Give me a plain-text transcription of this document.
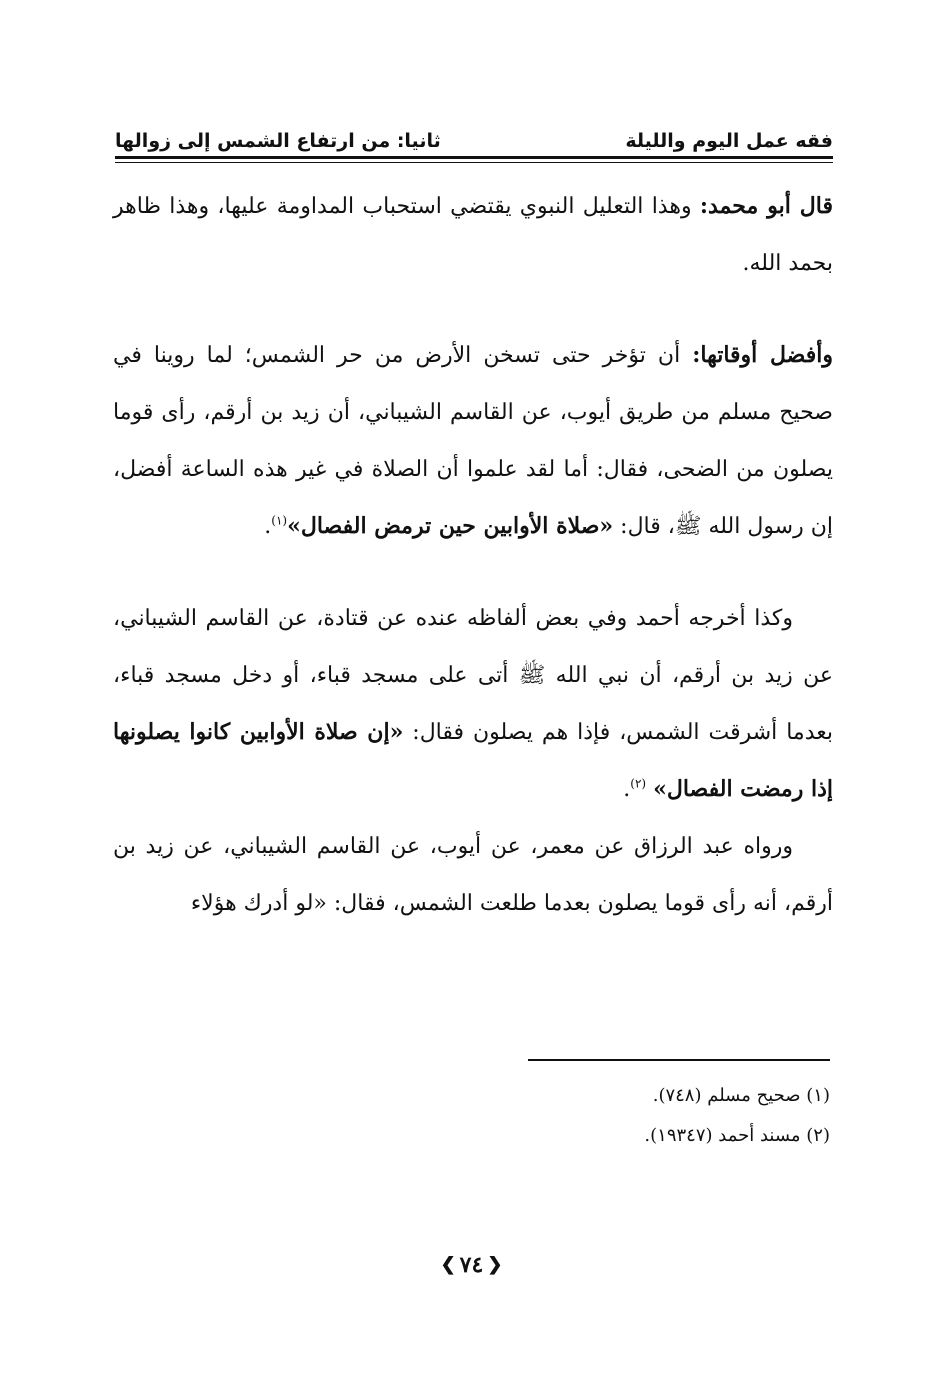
فقه عمل اليوم والليلة
ثانيا: من ارتفاع الشمس إلى زوالها

قال أبو محمد: وهذا التعليل النبوي يقتضي استحباب المداومة عليها، وهذا ظاهر بحمد الله.

وأفضل أوقاتها: أن تؤخر حتى تسخن الأرض من حر الشمس؛ لما روينا في صحيح مسلم من طريق أيوب، عن القاسم الشيباني، أن زيد بن أرقم، رأى قوما يصلون من الضحى، فقال: أما لقد علموا أن الصلاة في غير هذه الساعة أفضل، إن رسول الله ﷺ، قال: «صلاة الأوابين حين ترمض الفصال»$^{(١)}$.

وكذا أخرجه أحمد وفي بعض ألفاظه عنده عن قتادة، عن القاسم الشيباني، عن زيد بن أرقم، أن نبي الله ﷺ أتى على مسجد قباء، أو دخل مسجد قباء، بعدما أشرقت الشمس، فإذا هم يصلون فقال: «إن صلاة الأوابين كانوا يصلونها إذا رمضت الفصال» $^{(٢)}$.

ورواه عبد الرزاق عن معمر، عن أيوب، عن القاسم الشيباني، عن زيد بن أرقم، أنه رأى قوما يصلون بعدما طلعت الشمس، فقال: «لو أدرك هؤلاء

(١) صحيح مسلم (٧٤٨).
(٢) مسند أحمد (١٩٣٤٧).
❮ ٧٤ ❯
